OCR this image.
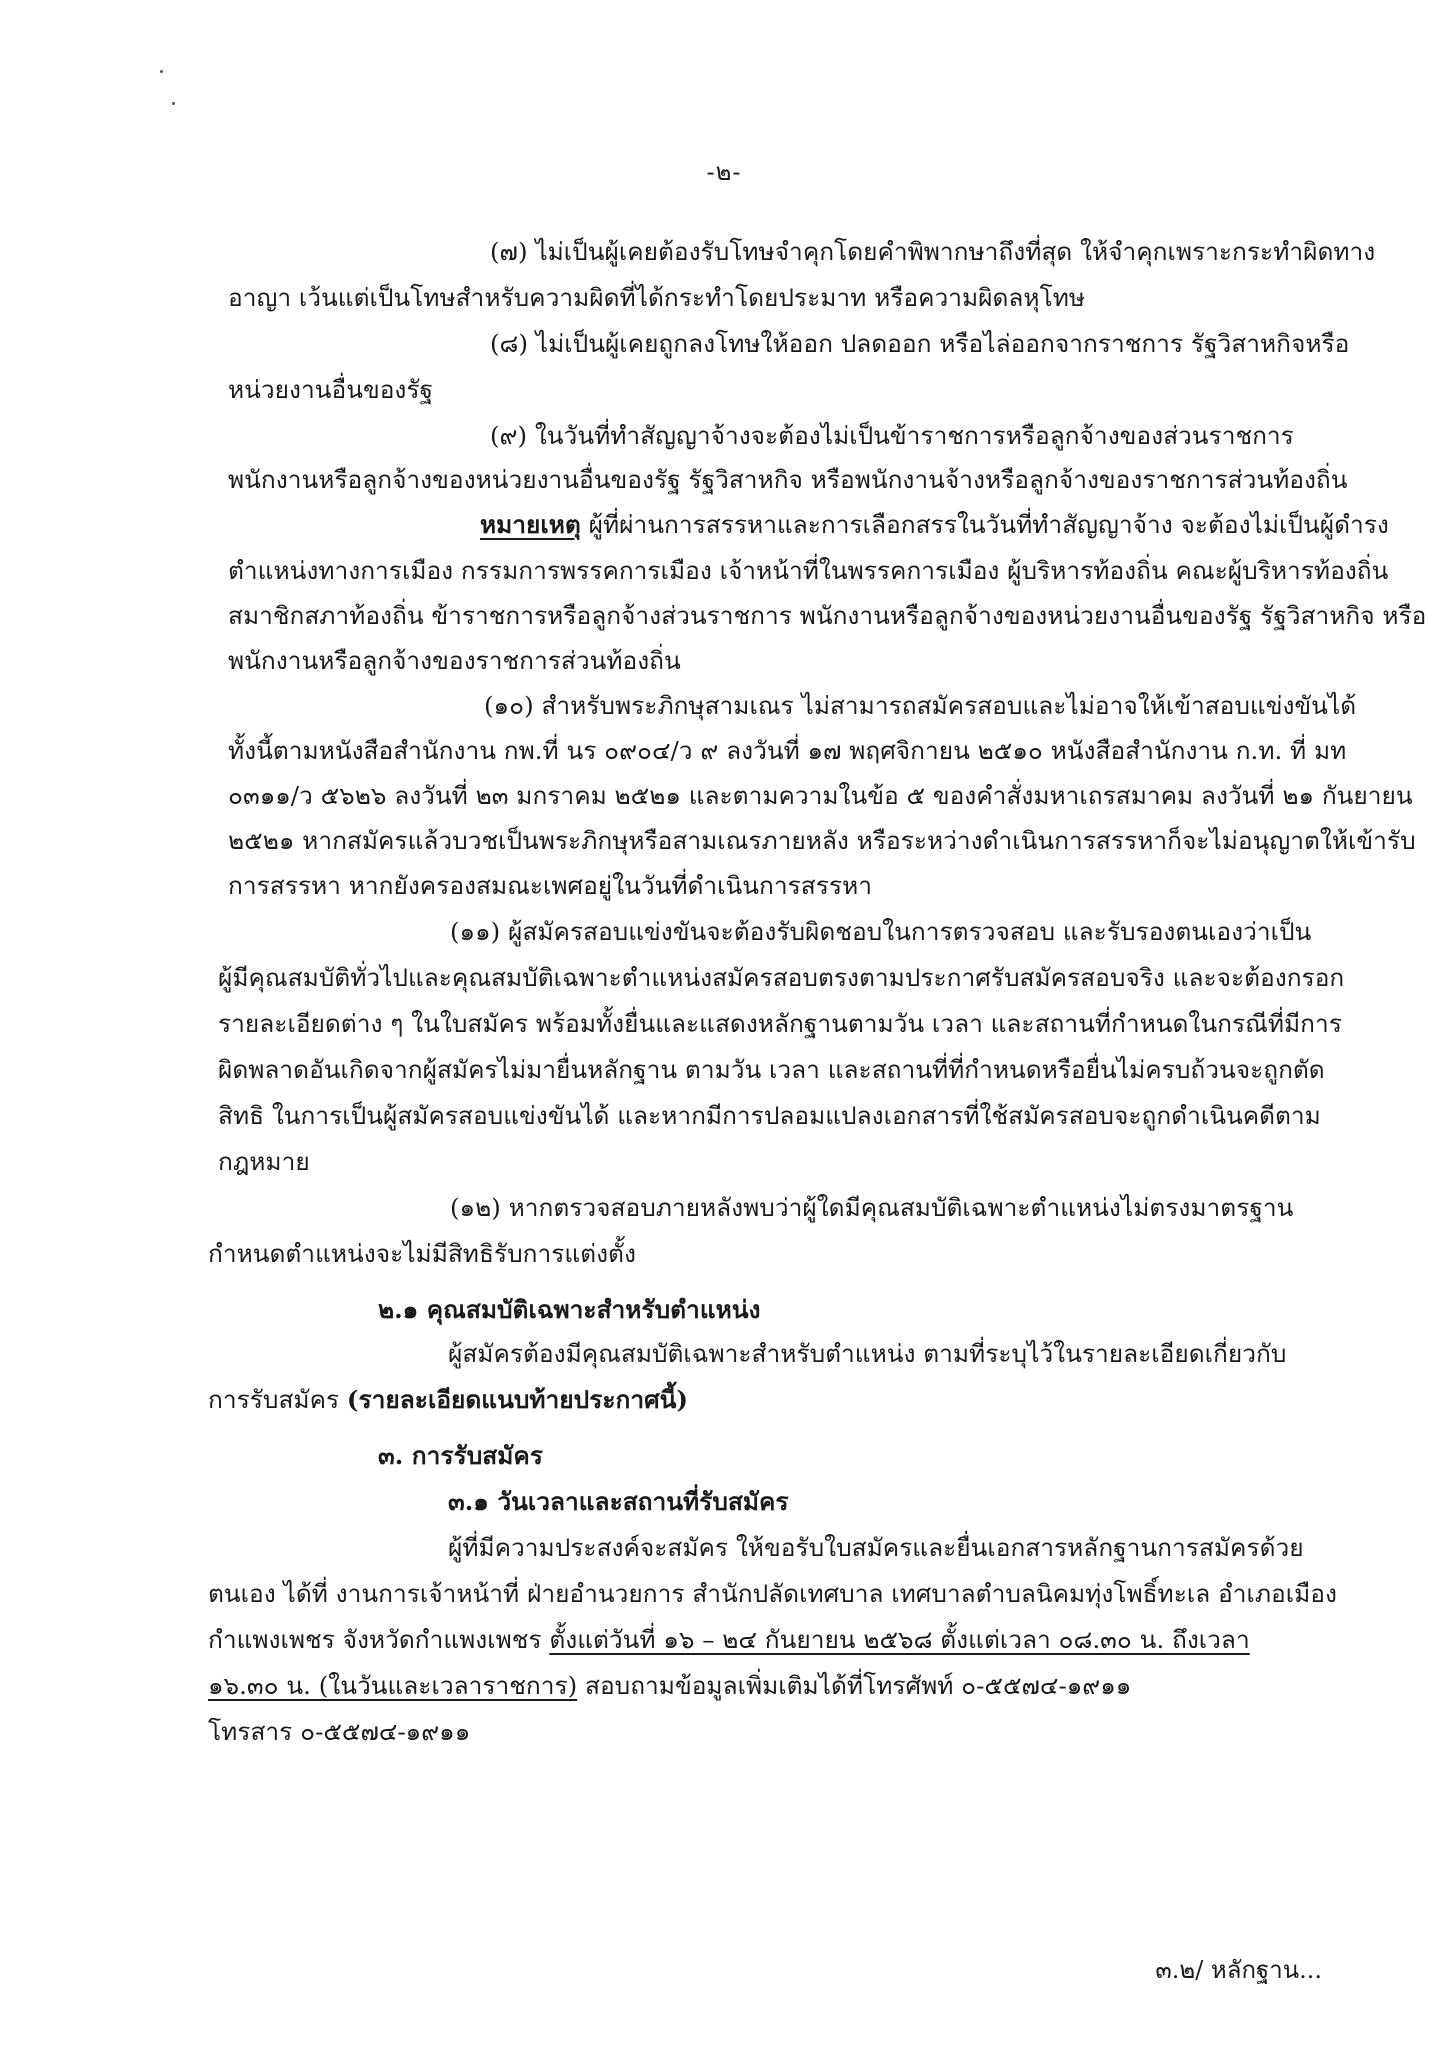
-๒-
(๗) ไม่เป็นผู้เคยต้องรับโทษจำคุกโดยคำพิพากษาถึงที่สุด ให้จำคุกเพราะกระทำผิดทาง
อาญา เว้นแต่เป็นโทษสำหรับความผิดที่ได้กระทำโดยประมาท หรือความผิดลหุโทษ
(๘) ไม่เป็นผู้เคยถูกลงโทษให้ออก ปลดออก หรือไล่ออกจากราชการ รัฐวิสาหกิจหรือ
หน่วยงานอื่นของรัฐ
(๙) ในวันที่ทำสัญญาจ้างจะต้องไม่เป็นข้าราชการหรือลูกจ้างของส่วนราชการ
พนักงานหรือลูกจ้างของหน่วยงานอื่นของรัฐ รัฐวิสาหกิจ หรือพนักงานจ้างหรือลูกจ้างของราชการส่วนท้องถิ่น
หมายเหตุ ผู้ที่ผ่านการสรรหาและการเลือกสรรในวันที่ทำสัญญาจ้าง จะต้องไม่เป็นผู้ดำรง
ตำแหน่งทางการเมือง กรรมการพรรคการเมือง เจ้าหน้าที่ในพรรคการเมือง ผู้บริหารท้องถิ่น คณะผู้บริหารท้องถิ่น
สมาชิกสภาท้องถิ่น ข้าราชการหรือลูกจ้างส่วนราชการ พนักงานหรือลูกจ้างของหน่วยงานอื่นของรัฐ รัฐวิสาหกิจ หรือ
พนักงานหรือลูกจ้างของราชการส่วนท้องถิ่น
(๑๐) สำหรับพระภิกษุสามเณร ไม่สามารถสมัครสอบและไม่อาจให้เข้าสอบแข่งขันได้
ทั้งนี้ตามหนังสือสำนักงาน กพ.ที่ นร ๐๙๐๔/ว ๙ ลงวันที่ ๑๗ พฤศจิกายน ๒๕๑๐ หนังสือสำนักงาน ก.ท. ที่ มท
๐๓๑๑/ว ๕๖๒๖ ลงวันที่ ๒๓ มกราคม ๒๕๒๑ และตามความในข้อ ๕ ของคำสั่งมหาเถรสมาคม ลงวันที่ ๒๑ กันยายน
๒๕๒๑ หากสมัครแล้วบวชเป็นพระภิกษุหรือสามเณรภายหลัง หรือระหว่างดำเนินการสรรหาก็จะไม่อนุญาตให้เข้ารับ
การสรรหา หากยังครองสมณะเพศอยู่ในวันที่ดำเนินการสรรหา
(๑๑) ผู้สมัครสอบแข่งขันจะต้องรับผิดชอบในการตรวจสอบ และรับรองตนเองว่าเป็น
ผู้มีคุณสมบัติทั่วไปและคุณสมบัติเฉพาะตำแหน่งสมัครสอบตรงตามประกาศรับสมัครสอบจริง และจะต้องกรอก
รายละเอียดต่าง ๆ ในใบสมัคร พร้อมทั้งยื่นและแสดงหลักฐานตามวัน เวลา และสถานที่กำหนดในกรณีที่มีการ
ผิดพลาดอันเกิดจากผู้สมัครไม่มายื่นหลักฐาน ตามวัน เวลา และสถานที่ที่กำหนดหรือยื่นไม่ครบถ้วนจะถูกตัด
สิทธิ ในการเป็นผู้สมัครสอบแข่งขันได้ และหากมีการปลอมแปลงเอกสารที่ใช้สมัครสอบจะถูกดำเนินคดีตาม
กฎหมาย
(๑๒) หากตรวจสอบภายหลังพบว่าผู้ใดมีคุณสมบัติเฉพาะตำแหน่งไม่ตรงมาตรฐาน
กำหนดตำแหน่งจะไม่มีสิทธิรับการแต่งตั้ง
๒.๑ คุณสมบัติเฉพาะสำหรับตำแหน่ง
ผู้สมัครต้องมีคุณสมบัติเฉพาะสำหรับตำแหน่ง ตามที่ระบุไว้ในรายละเอียดเกี่ยวกับ
การรับสมัคร (รายละเอียดแนบท้ายประกาศนี้)
๓. การรับสมัคร
๓.๑ วันเวลาและสถานที่รับสมัคร
ผู้ที่มีความประสงค์จะสมัคร ให้ขอรับใบสมัครและยื่นเอกสารหลักฐานการสมัครด้วย
ตนเอง ได้ที่ งานการเจ้าหน้าที่ ฝ่ายอำนวยการ สำนักปลัดเทศบาล เทศบาลตำบลนิคมทุ่งโพธิ์ทะเล อำเภอเมือง
กำแพงเพชร จังหวัดกำแพงเพชร ตั้งแต่วันที่ ๑๖ – ๒๔ กันยายน ๒๕๖๘ ตั้งแต่เวลา ๐๘.๓๐ น. ถึงเวลา
๑๖.๓๐ น. (ในวันและเวลาราชการ) สอบถามข้อมูลเพิ่มเติมได้ที่โทรศัพท์ ๐-๕๕๗๔-๑๙๑๑
โทรสาร ๐-๕๕๗๔-๑๙๑๑
๓.๒/ หลักฐาน...
